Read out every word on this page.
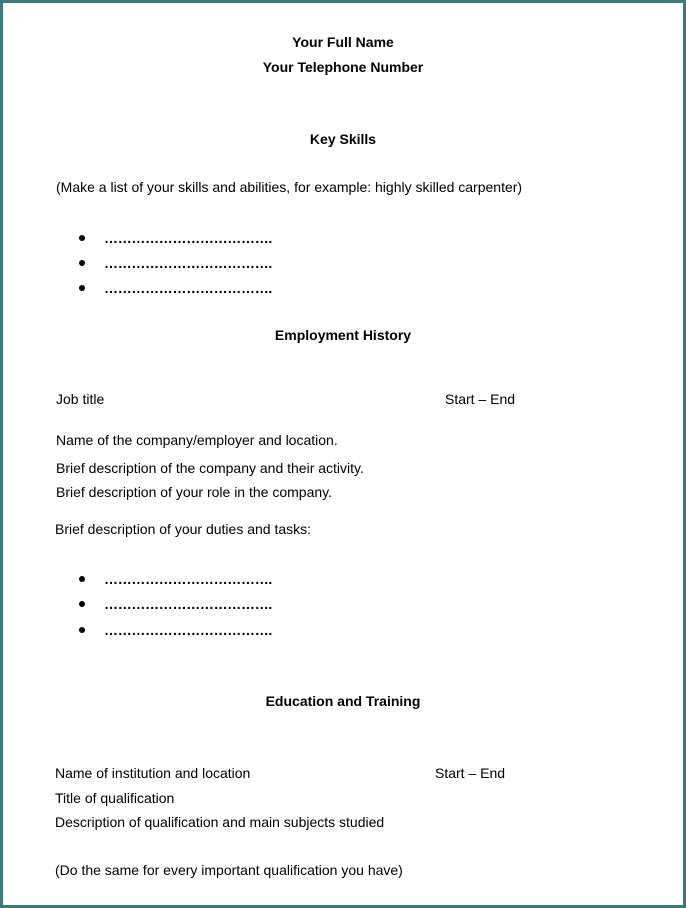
Your Full Name
Your Telephone Number
Key Skills
(Make a list of your skills and abilities, for example: highly skilled carpenter)
……………………………….
……………………………….
……………………………….
Employment History
Job title	Start – End
Name of the company/employer and location.
Brief description of the company and their activity.
Brief description of your role in the company.
Brief description of your duties and tasks:
……………………………….
……………………………….
……………………………….
Education and Training
Name of institution and location	Start – End
Title of qualification
Description of qualification and main subjects studied
(Do the same for every important qualification you have)
